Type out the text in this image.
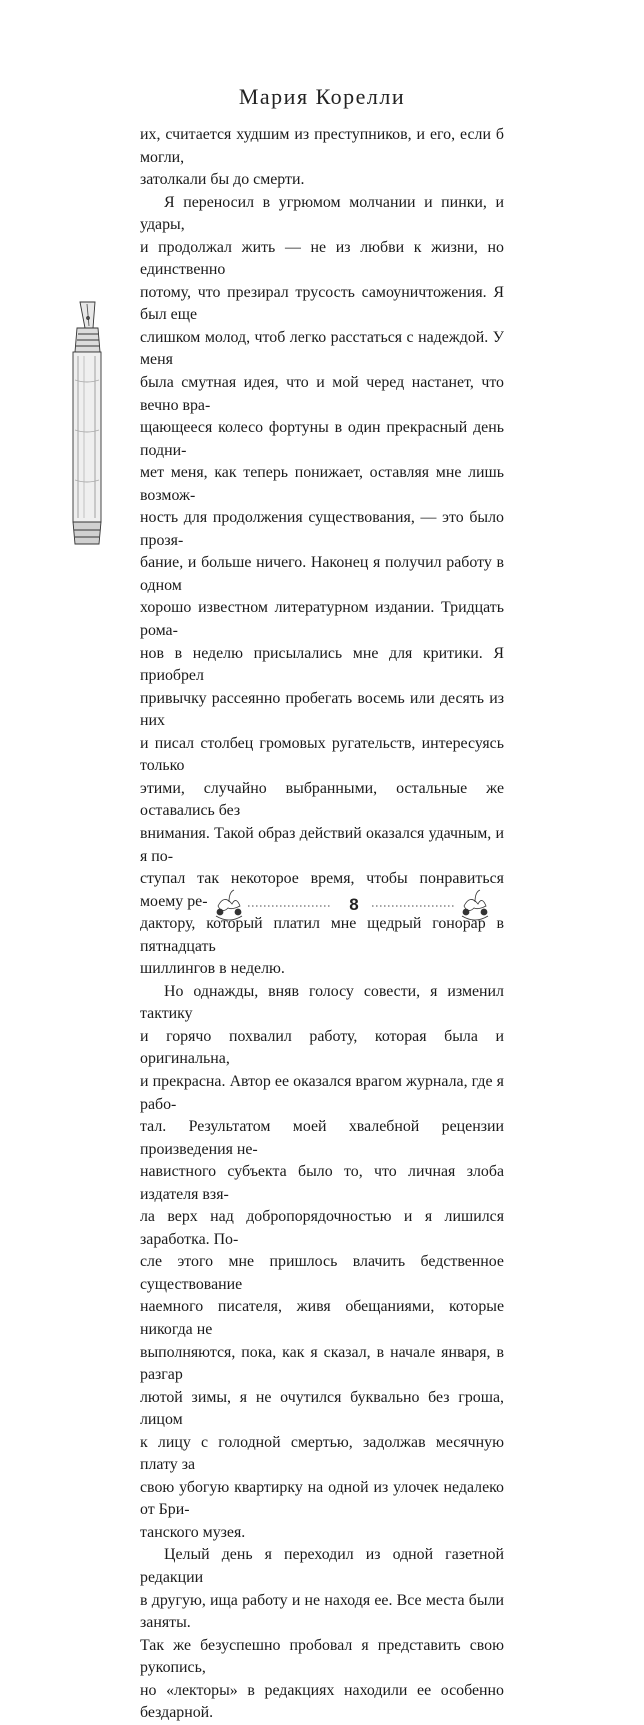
Мария Корелли

их, считается худшим из преступников, и его, если б могли,

затолкали бы до смерти.

Я переносил в угрюмом молчании и пинки, и удары,

и продолжал жить — не из любви к жизни, но единственно

потому, что презирал трусость самоуничтожения. Я был еще

слишком молод, чтоб легко расстаться с надеждой. У меня

была смутная идея, что и мой черед настанет, что вечно вра-

щающееся колесо фортуны в один прекрасный день подни-

мет меня, как теперь понижает, оставляя мне лишь возмож-

ность для продолжения существования, — это было прозя-

бание, и больше ничего. Наконец я получил работу в одном

хорошо известном литературном издании. Тридцать рома-

нов в неделю присылались мне для критики. Я приобрел

привычку рассеянно пробегать восемь или десять из них

и писал столбец громовых ругательств, интересуясь только

этими, случайно выбранными, остальные же оставались без

внимания. Такой образ действий оказался удачным, и я по-

ступал так некоторое время, чтобы понравиться моему ре-

дактору, который платил мне щедрый гонорар в пятнадцать

шиллингов в неделю.

Но однажды, вняв голосу совести, я изменил тактику

и горячо похвалил работу, которая была и оригинальна,

и прекрасна. Автор ее оказался врагом журнала, где я рабо-

тал. Результатом моей хвалебной рецензии произведения не-

навистного субъекта было то, что личная злоба издателя взя-

ла верх над добропорядочностью и я лишился заработка. По-

сле этого мне пришлось влачить бедственное существование

наемного писателя, живя обещаниями, которые никогда не

выполняются, пока, как я сказал, в начале января, в разгар

лютой зимы, я не очутился буквально без гроша, лицом

к лицу с голодной смертью, задолжав месячную плату за

свою убогую квартирку на одной из улочек недалеко от Бри-

танского музея.

Целый день я переходил из одной газетной редакции

в другую, ища работу и не находя ее. Все места были заняты.

Так же безуспешно пробовал я представить свою рукопись,

но «лекторы» в редакциях находили ее особенно бездарной.

8
